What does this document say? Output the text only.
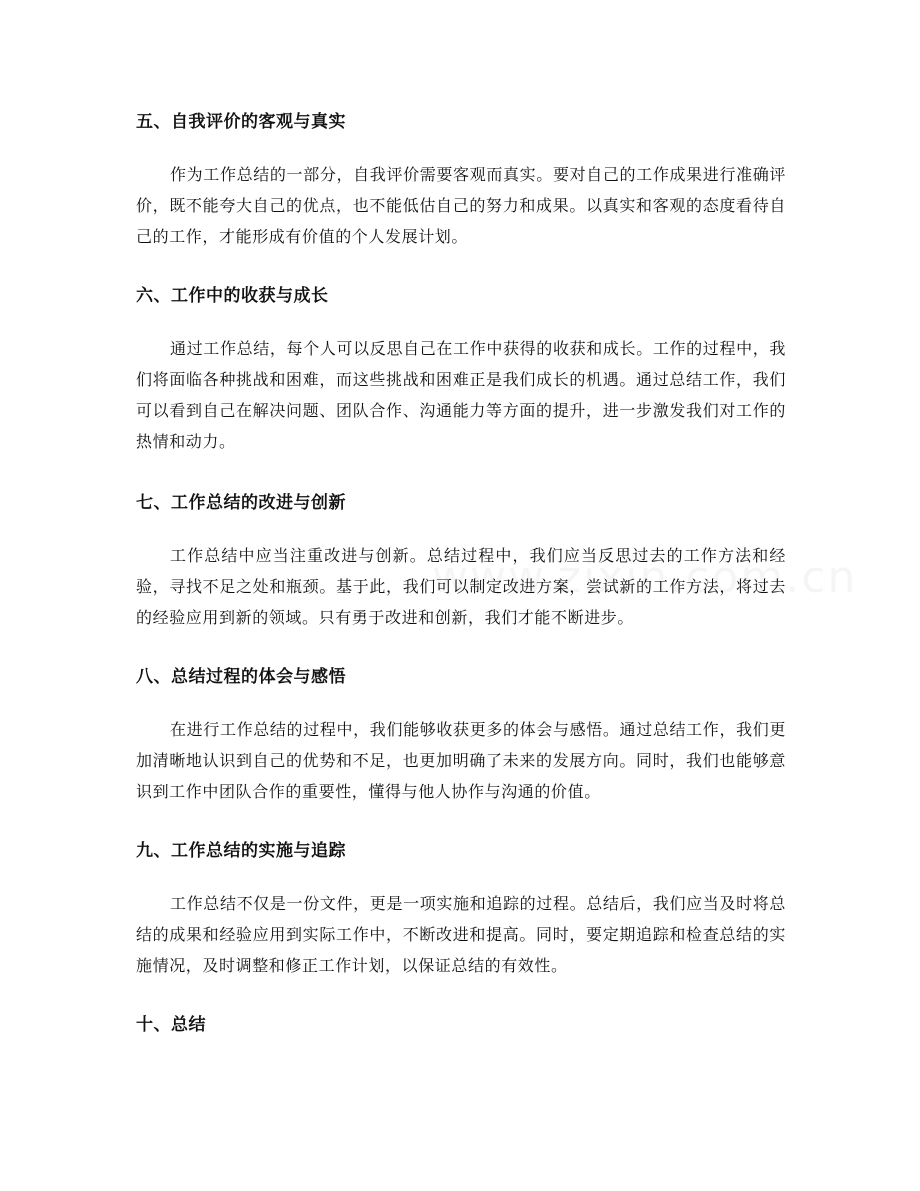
五、自我评价的客观与真实

作为工作总结的一部分，自我评价需要客观而真实。要对自己的工作成果进行准确评价，既不能夸大自己的优点，也不能低估自己的努力和成果。以真实和客观的态度看待自己的工作，才能形成有价值的个人发展计划。

六、工作中的收获与成长

通过工作总结，每个人可以反思自己在工作中获得的收获和成长。工作的过程中，我们将面临各种挑战和困难，而这些挑战和困难正是我们成长的机遇。通过总结工作，我们可以看到自己在解决问题、团队合作、沟通能力等方面的提升，进一步激发我们对工作的热情和动力。

七、工作总结的改进与创新

工作总结中应当注重改进与创新。总结过程中，我们应当反思过去的工作方法和经验，寻找不足之处和瓶颈。基于此，我们可以制定改进方案，尝试新的工作方法，将过去的经验应用到新的领域。只有勇于改进和创新，我们才能不断进步。

八、总结过程的体会与感悟

在进行工作总结的过程中，我们能够收获更多的体会与感悟。通过总结工作，我们更加清晰地认识到自己的优势和不足，也更加明确了未来的发展方向。同时，我们也能够意识到工作中团队合作的重要性，懂得与他人协作与沟通的价值。

九、工作总结的实施与追踪

工作总结不仅是一份文件，更是一项实施和追踪的过程。总结后，我们应当及时将总结的成果和经验应用到实际工作中，不断改进和提高。同时，要定期追踪和检查总结的实施情况，及时调整和修正工作计划，以保证总结的有效性。

十、总结
